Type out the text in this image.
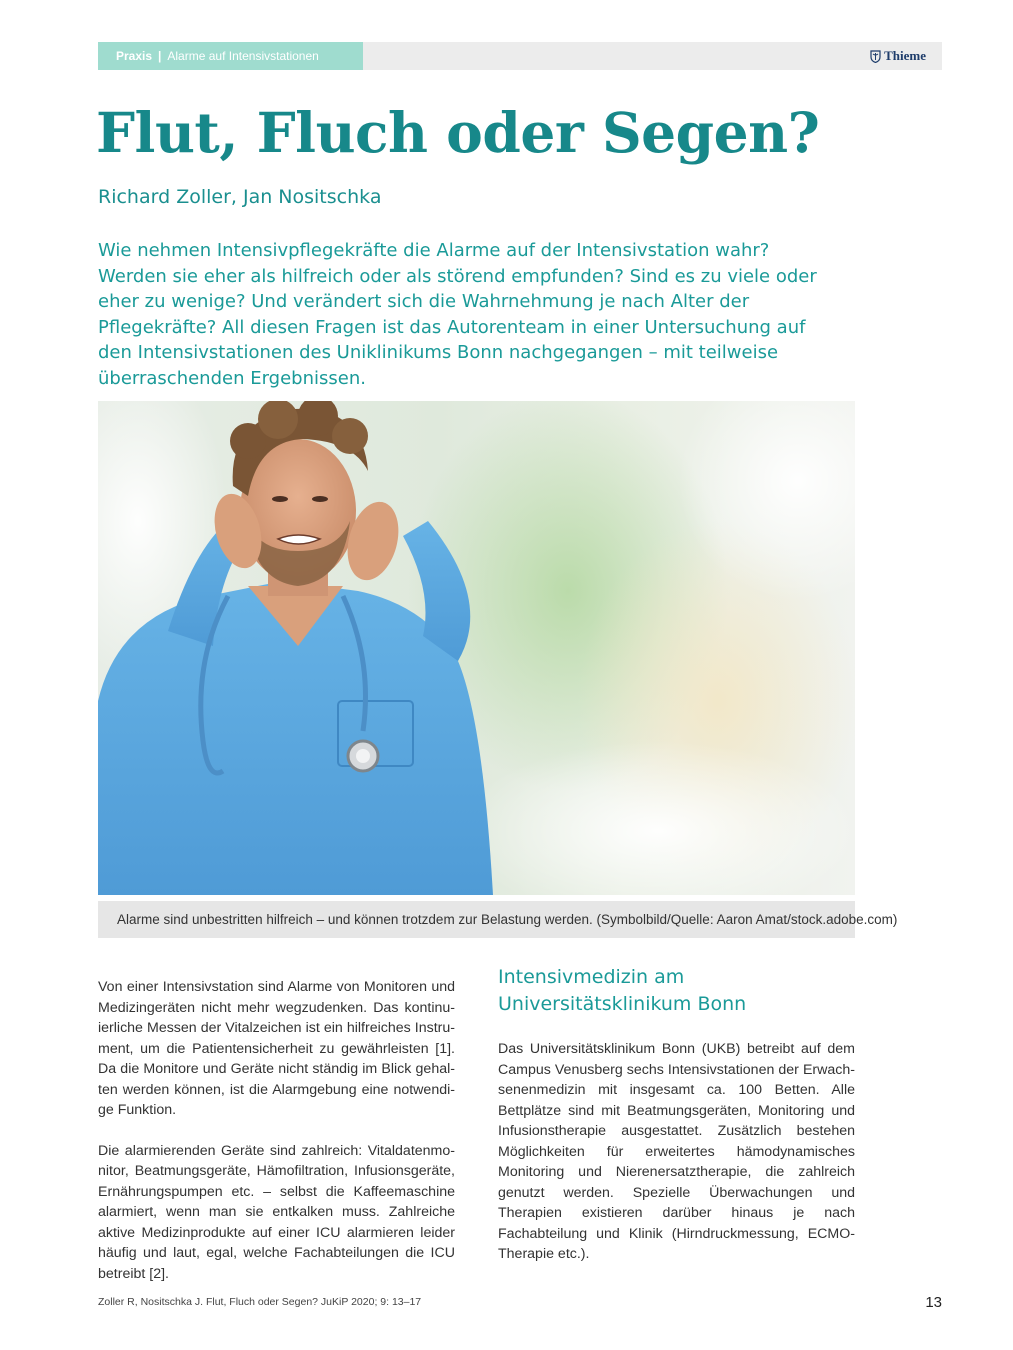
Praxis | Alarme auf Intensivstationen	Thieme
Flut, Fluch oder Segen?
Richard Zoller, Jan Nositschka

Wie nehmen Intensivpflegekräfte die Alarme auf der Intensivstation wahr? Werden sie eher als hilfreich oder als störend empfunden? Sind es zu viele oder eher zu wenige? Und verändert sich die Wahrnehmung je nach Alter der Pflegekräfte? All diesen Fragen ist das Autorenteam in einer Untersuchung auf den Intensivstationen des Uniklinikums Bonn nachgegangen – mit teilweise überraschenden Ergebnissen.

Alarme sind unbestritten hilfreich – und können trotzdem zur Belastung werden. (Symbolbild/Quelle: Aaron Amat/stock.adobe.com)

Von einer Intensivstation sind Alarme von Monitoren und Medizingeräten nicht mehr wegzudenken. Das kontinuierliche Messen der Vitalzeichen ist ein hilfreiches Instrument, um die Patientensicherheit zu gewährleisten [1]. Da die Monitore und Geräte nicht ständig im Blick gehalten werden können, ist die Alarmgebung eine notwendige Funktion.

Die alarmierenden Geräte sind zahlreich: Vitaldatenmonitor, Beatmungsgeräte, Hämofiltration, Infusionsgeräte, Ernährungspumpen etc. – selbst die Kaffeemaschine alarmiert, wenn man sie entkalken muss. Zahlreiche aktive Medizinprodukte auf einer ICU alarmieren leider häufig und laut, egal, welche Fachabteilungen die ICU betreibt [2].

Intensivmedizin am Universitätsklinikum Bonn

Das Universitätsklinikum Bonn (UKB) betreibt auf dem Campus Venusberg sechs Intensivstationen der Erwachsenenmedizin mit insgesamt ca. 100 Betten. Alle Bettplätze sind mit Beatmungsgeräten, Monitoring und Infusionstherapie ausgestattet. Zusätzlich bestehen Möglichkeiten für erweitertes hämodynamisches Monitoring und Nierenersatztherapie, die zahlreich genutzt werden. Spezielle Überwachungen und Therapien existieren darüber hinaus je nach Fachabteilung und Klinik (Hirndruckmessung, ECMO-Therapie etc.).

Zoller R, Nositschka J. Flut, Fluch oder Segen? JuKiP 2020; 9: 13–17	13
